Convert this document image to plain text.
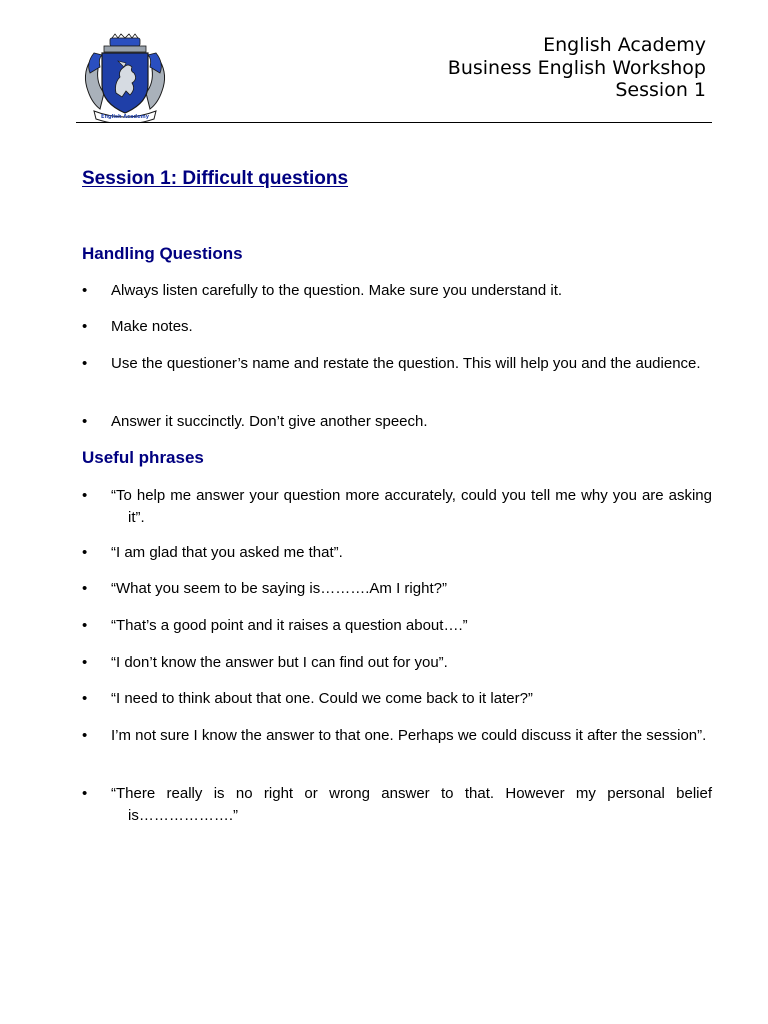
English Academy
English Academy
Business English Workshop
Session 1
Session 1: Difficult questions
Handling Questions
•	Always listen carefully to the question. Make sure you understand it.
•	Make notes.
•	Use the questioner’s name and restate the question. This will help you and the audience.
•	Answer it succinctly. Don’t give another speech.
Useful phrases
•	“To help me answer your question more accurately, could you tell me why you are asking it”.
•	“I am glad that you asked me that”.
•	“What you seem to be saying is……….Am I right?”
•	“That’s a good point and it raises a question about….”
•	“I don’t know the answer but I can find out for you”.
•	“I need to think about that one. Could we come back to it later?”
•	I’m not sure I know the answer to that one. Perhaps we could discuss it after the session”.
•	“There really is no right or wrong answer to that. However my personal belief is……………….”
